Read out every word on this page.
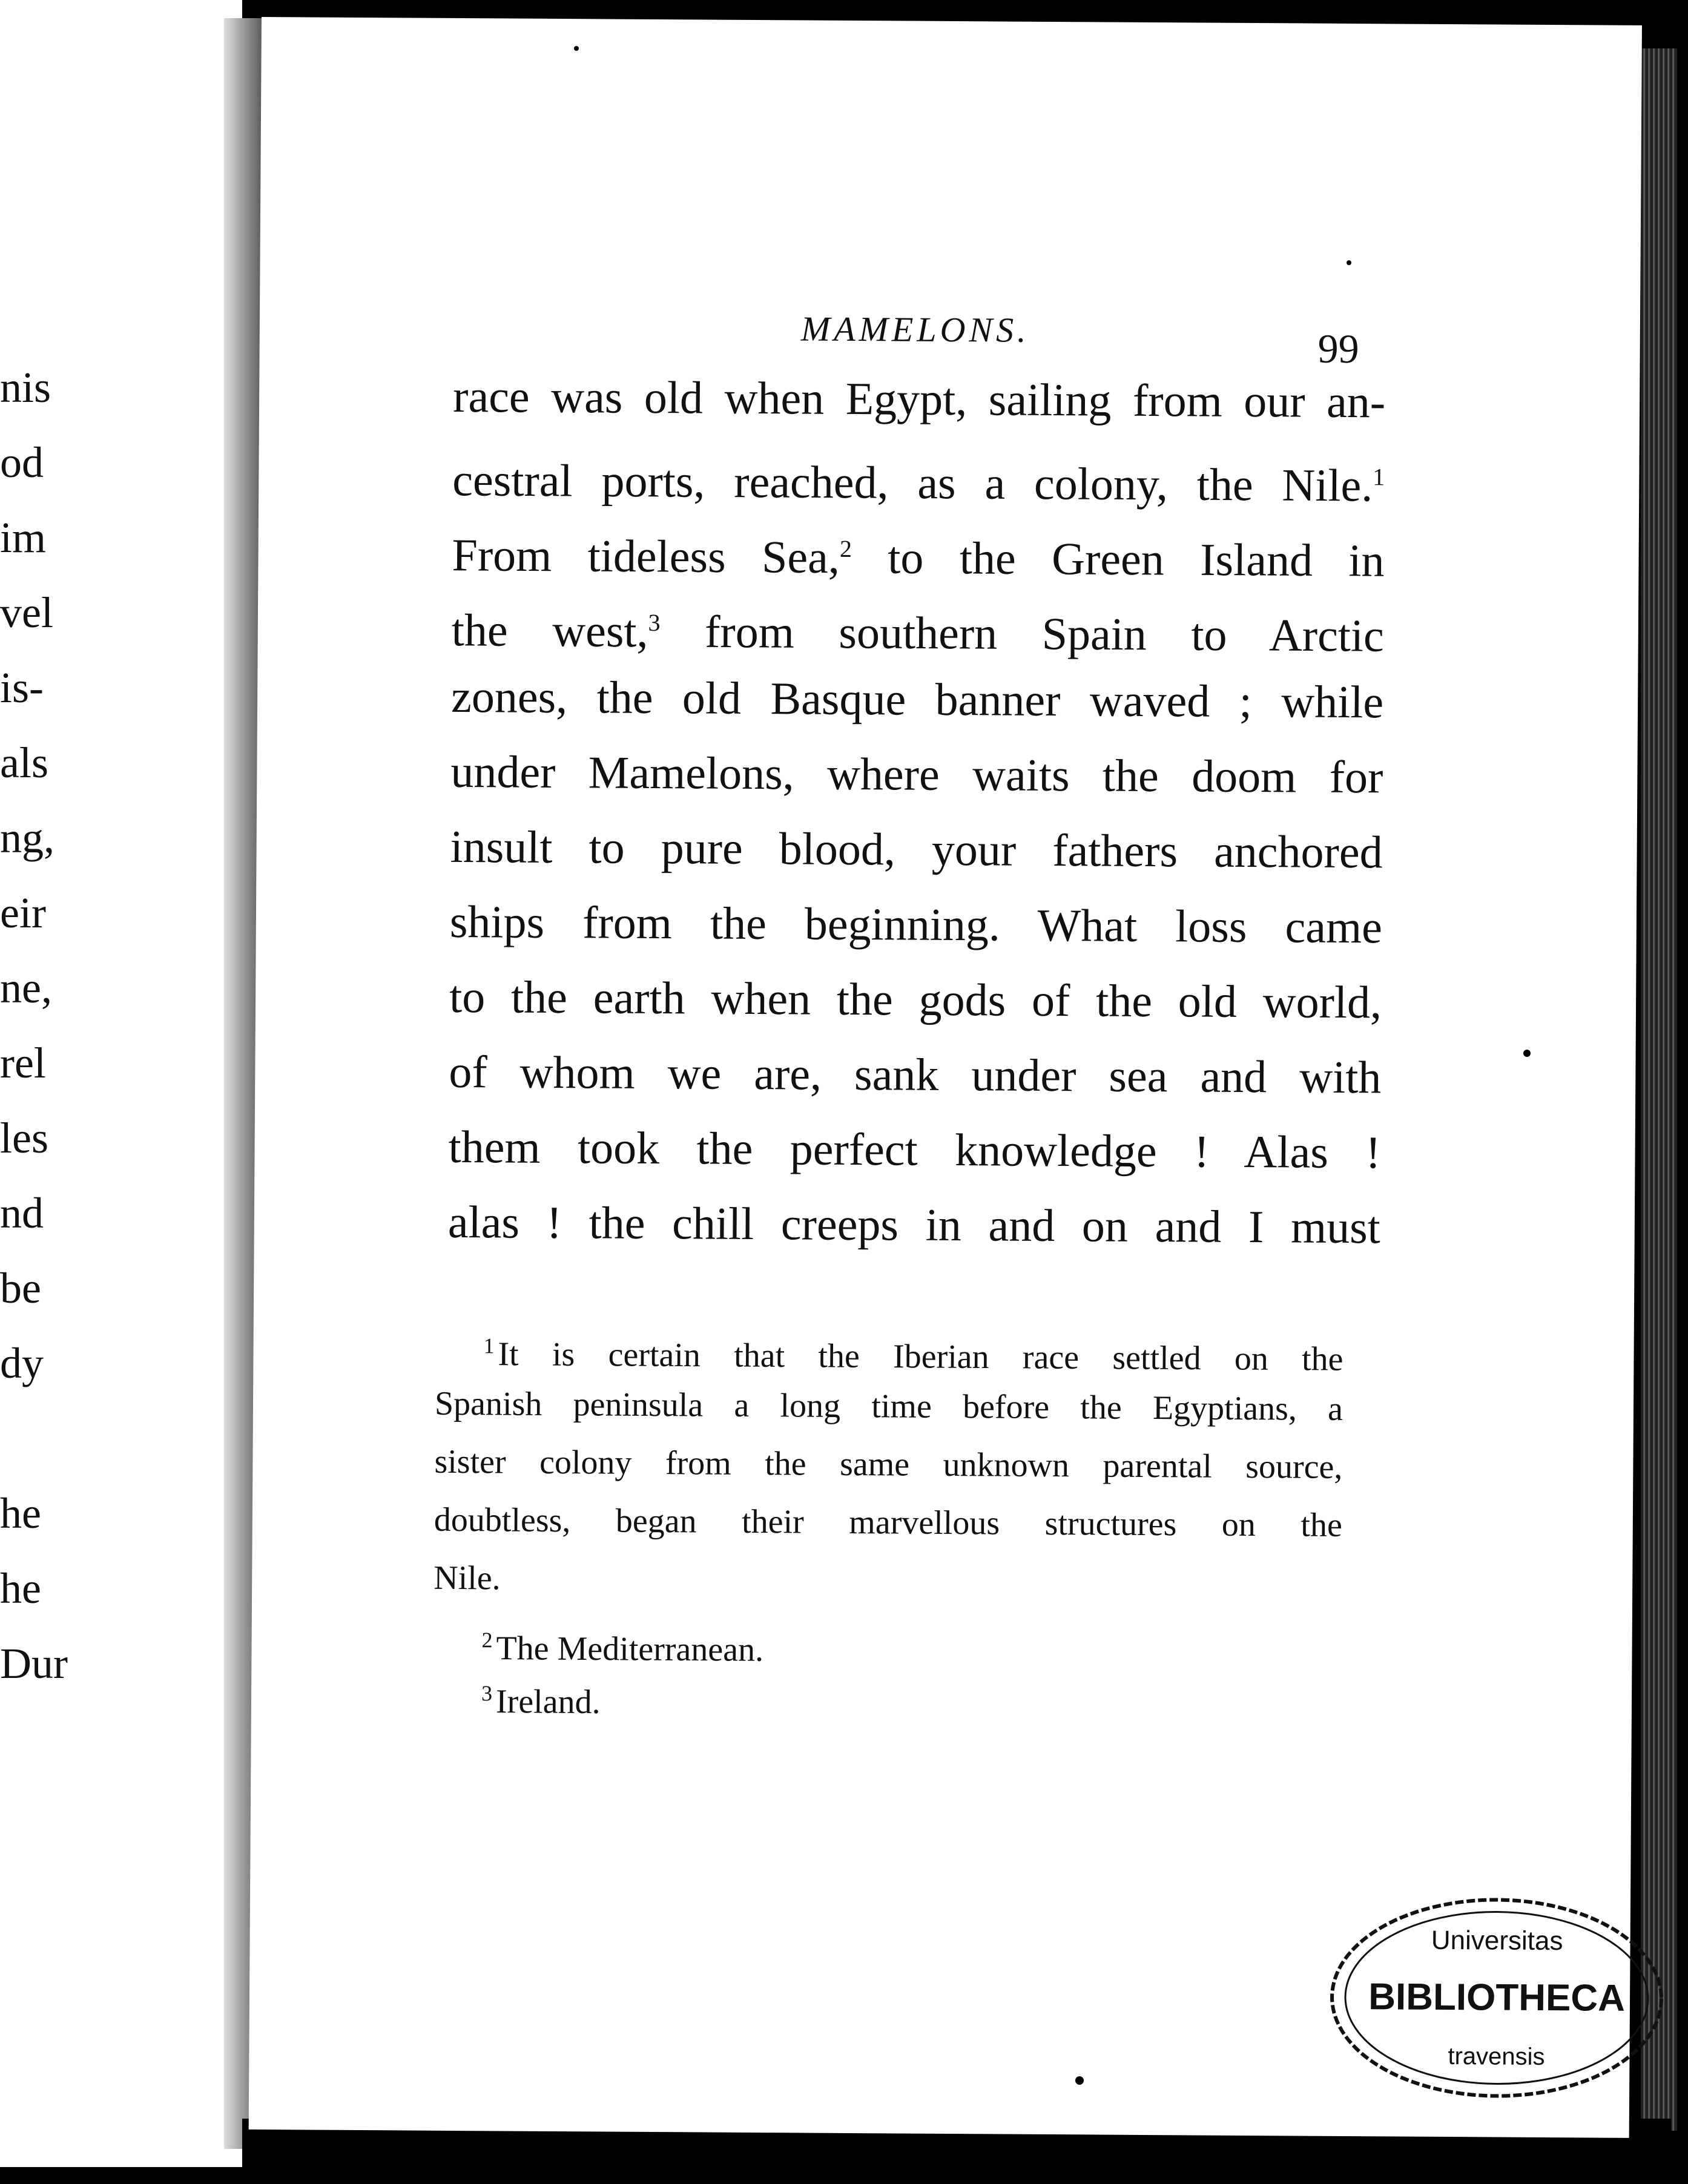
nis
od
im
vel
is-
als
ng,
eir
ne,
rel
les
nd
be
dy
he
he
Dur
MAMELONS.	99
race was old when Egypt, sailing from our an-
cestral ports, reached, as a colony, the Nile.$^1$
From tideless Sea,$^2$ to the Green Island in
the west,$^3$ from southern Spain to Arctic
zones, the old Basque banner waved ; while
under Mamelons, where waits the doom for
insult to pure blood, your fathers anchored
ships from the beginning. What loss came
to the earth when the gods of the old world,
of whom we are, sank under sea and with
them took the perfect knowledge ! Alas !
alas ! the chill creeps in and on and I must
$^1$ It is certain that the Iberian race settled on the
Spanish peninsula a long time before the Egyptians, a
sister colony from the same unknown parental source,
doubtless, began their marvellous structures on the
Nile.
$^2$ The Mediterranean.
$^3$ Ireland.
Universitas
BIBLIOTHECA
travensis
